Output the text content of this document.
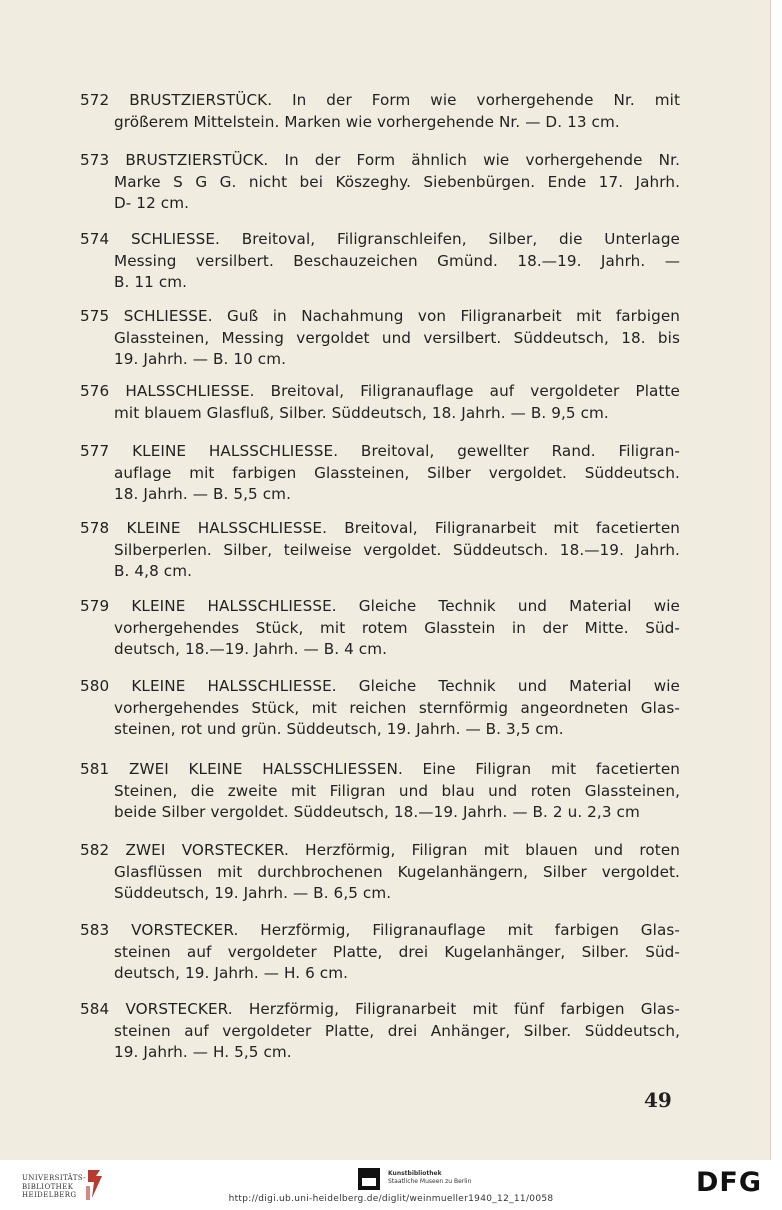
572 BRUSTZIERSTÜCK. In der Form wie vorhergehende Nr. mit
größerem Mittelstein. Marken wie vorhergehende Nr. — D. 13 cm.
573 BRUSTZIERSTÜCK. In der Form ähnlich wie vorhergehende Nr.
Marke S G G. nicht bei Köszeghy. Siebenbürgen. Ende 17. Jahrh.
D- 12 cm.
574 SCHLIESSE. Breitoval, Filigranschleifen, Silber, die Unterlage
Messing versilbert. Beschauzeichen Gmünd. 18.—19. Jahrh. —
B. 11 cm.
575 SCHLIESSE. Guß in Nachahmung von Filigranarbeit mit farbigen
Glassteinen, Messing vergoldet und versilbert. Süddeutsch, 18. bis
19. Jahrh. — B. 10 cm.
576 HALSSCHLIESSE. Breitoval, Filigranauflage auf vergoldeter Platte
mit blauem Glasfluß, Silber. Süddeutsch, 18. Jahrh. — B. 9,5 cm.
577 KLEINE HALSSCHLIESSE. Breitoval, gewellter Rand. Filigran-
auflage mit farbigen Glassteinen, Silber vergoldet. Süddeutsch.
18. Jahrh. — B. 5,5 cm.
578 KLEINE HALSSCHLIESSE. Breitoval, Filigranarbeit mit facetierten
Silberperlen. Silber, teilweise vergoldet. Süddeutsch. 18.—19. Jahrh.
B. 4,8 cm.
579 KLEINE HALSSCHLIESSE. Gleiche Technik und Material wie
vorhergehendes Stück, mit rotem Glasstein in der Mitte. Süd-
deutsch, 18.—19. Jahrh. — B. 4 cm.
580 KLEINE HALSSCHLIESSE. Gleiche Technik und Material wie
vorhergehendes Stück, mit reichen sternförmig angeordneten Glas-
steinen, rot und grün. Süddeutsch, 19. Jahrh. — B. 3,5 cm.
581 ZWEI KLEINE HALSSCHLIESSEN. Eine Filigran mit facetierten
Steinen, die zweite mit Filigran und blau und roten Glassteinen,
beide Silber vergoldet. Süddeutsch, 18.—19. Jahrh. — B. 2 u. 2,3 cm
582 ZWEI VORSTECKER. Herzförmig, Filigran mit blauen und roten
Glasflüssen mit durchbrochenen Kugelanhängern, Silber vergoldet.
Süddeutsch, 19. Jahrh. — B. 6,5 cm.
583 VORSTECKER. Herzförmig, Filigranauflage mit farbigen Glas-
steinen auf vergoldeter Platte, drei Kugelanhänger, Silber. Süd-
deutsch, 19. Jahrh. — H. 6 cm.
584 VORSTECKER. Herzförmig, Filigranarbeit mit fünf farbigen Glas-
steinen auf vergoldeter Platte, drei Anhänger, Silber. Süddeutsch,
19. Jahrh. — H. 5,5 cm.
49
UNIVERSITÄTS-
BIBLIOTHEK
HEIDELBERG
Kunstbibliothek
Staatliche Museen zu Berlin	DFG
http://digi.ub.uni-heidelberg.de/diglit/weinmueller1940_12_11/0058
